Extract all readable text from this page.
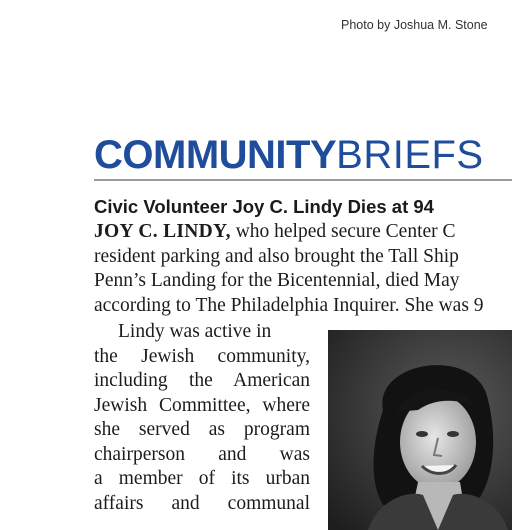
Photo by Joshua M. Stone
COMMUNITYBRIEFS
Civic Volunteer Joy C. Lindy Dies at 94
JOY C. LINDY, who helped secure Center C
resident parking and also brought the Tall Ship
Penn’s Landing for the Bicentennial, died May
according to The Philadelphia Inquirer. She was 9
Lindy was active in
the Jewish community,
including the American
Jewish Committee, where
she served as program
chairperson and was
a member of its urban
affairs and communal
